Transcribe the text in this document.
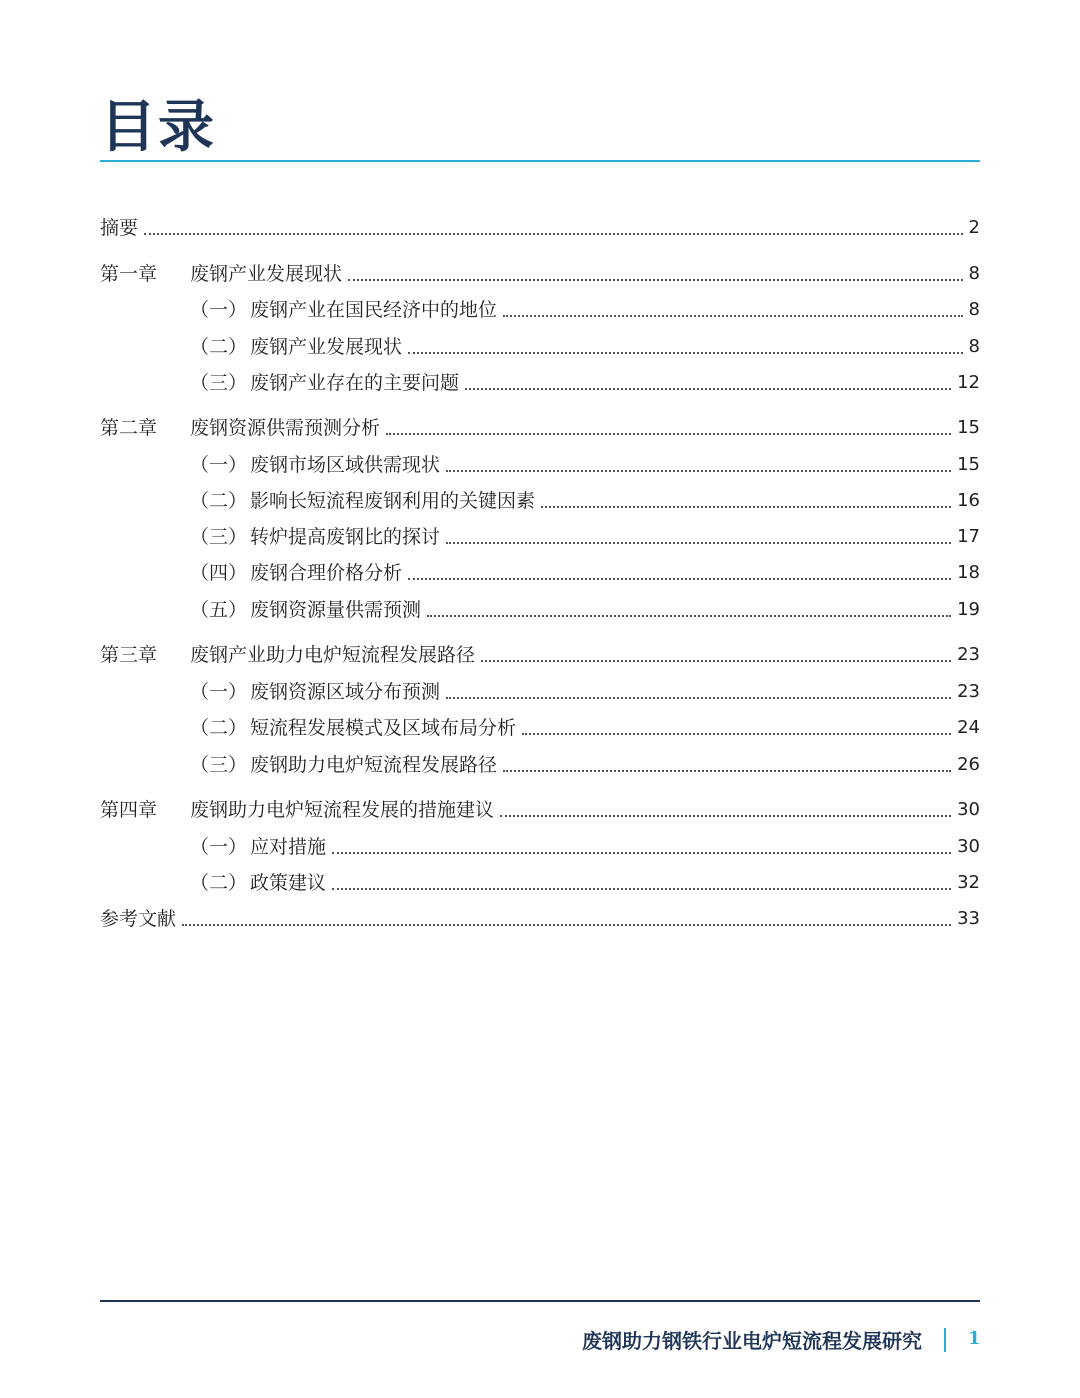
目录
摘要	2
第一章	废钢产业发展现状	8
（一） 废钢产业在国民经济中的地位	8
（二） 废钢产业发展现状	8
（三） 废钢产业存在的主要问题	12
第二章	废钢资源供需预测分析	15
（一） 废钢市场区域供需现状	15
（二） 影响长短流程废钢利用的关键因素	16
（三） 转炉提高废钢比的探讨	17
（四） 废钢合理价格分析	18
（五） 废钢资源量供需预测	19
第三章	废钢产业助力电炉短流程发展路径	23
（一） 废钢资源区域分布预测	23
（二） 短流程发展模式及区域布局分析	24
（三） 废钢助力电炉短流程发展路径	26
第四章	废钢助力电炉短流程发展的措施建议	30
（一） 应对措施	30
（二） 政策建议	32
参考文献	33
废钢助力钢铁行业电炉短流程发展研究	1
